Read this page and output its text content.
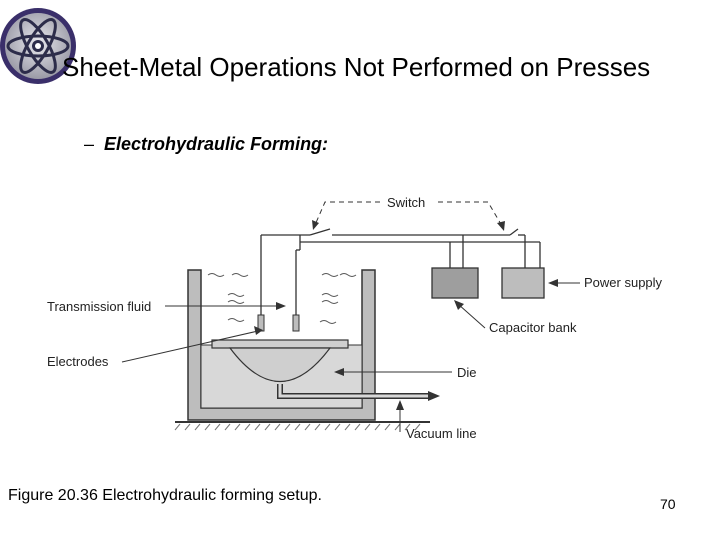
Sheet-Metal Operations Not Performed on Presses
– Electrohydraulic Forming:
Switch
Power supply
Transmission fluid
Capacitor bank
Electrodes
Die
Vacuum line
Figure 20.36 Electrohydraulic forming setup.	70
